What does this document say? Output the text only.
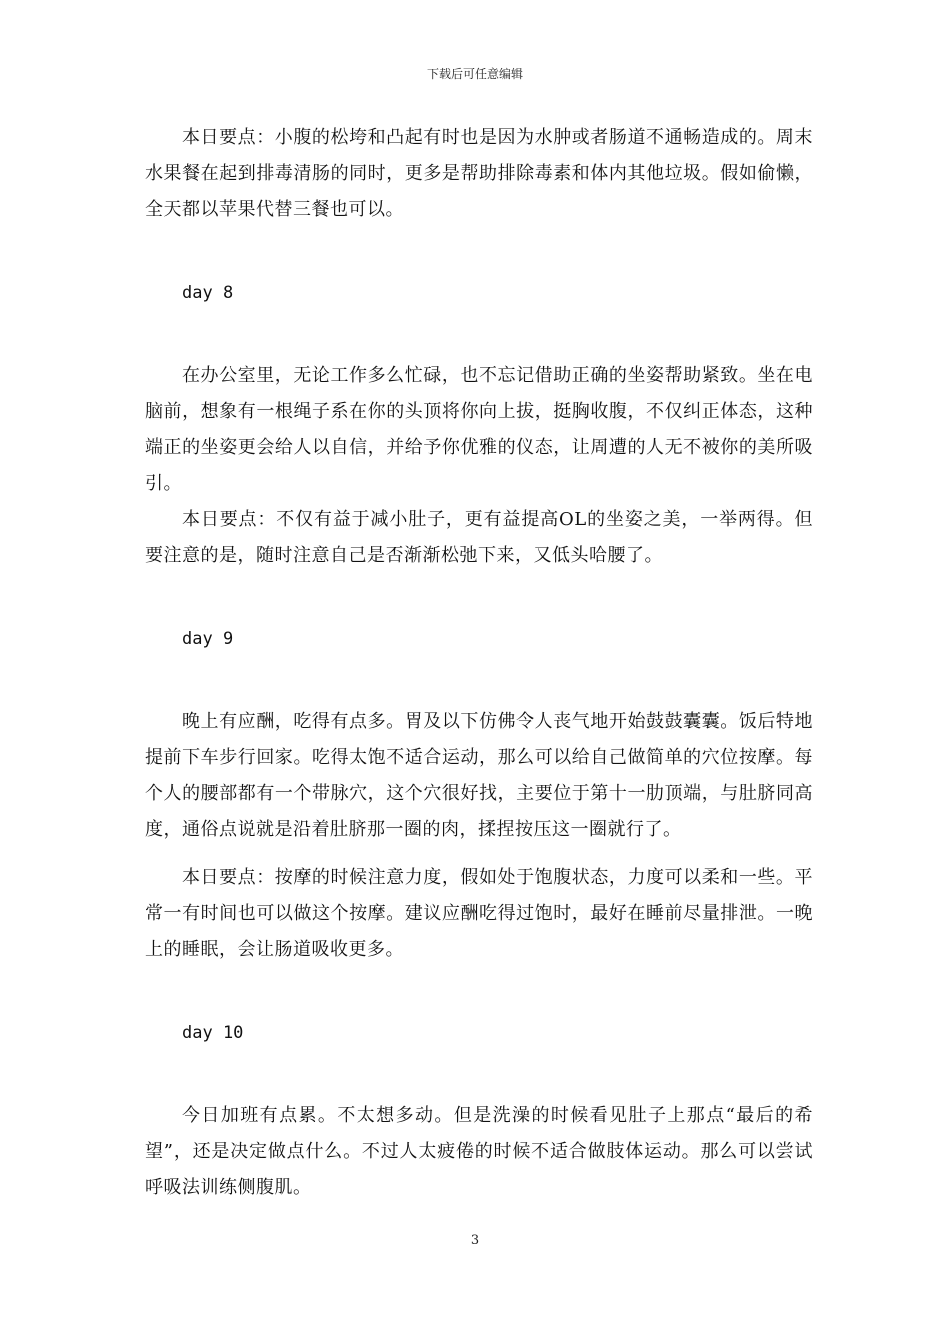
下载后可任意编辑

本日要点：小腹的松垮和凸起有时也是因为水肿或者肠道不通畅造成的。周末水果餐在起到排毒清肠的同时，更多是帮助排除毒素和体内其他垃圾。假如偷懒，全天都以苹果代替三餐也可以。

day 8

在办公室里，无论工作多么忙碌，也不忘记借助正确的坐姿帮助紧致。坐在电脑前，想象有一根绳子系在你的头顶将你向上拔，挺胸收腹，不仅纠正体态，这种端正的坐姿更会给人以自信，并给予你优雅的仪态，让周遭的人无不被你的美所吸引。

本日要点：不仅有益于减小肚子，更有益提高OL的坐姿之美，一举两得。但要注意的是，随时注意自己是否渐渐松弛下来，又低头哈腰了。

day 9

晚上有应酬，吃得有点多。胃及以下仿佛令人丧气地开始鼓鼓囊囊。饭后特地提前下车步行回家。吃得太饱不适合运动，那么可以给自己做简单的穴位按摩。每个人的腰部都有一个带脉穴，这个穴很好找，主要位于第十一肋顶端，与肚脐同高度，通俗点说就是沿着肚脐那一圈的肉，揉捏按压这一圈就行了。

本日要点：按摩的时候注意力度，假如处于饱腹状态，力度可以柔和一些。平常一有时间也可以做这个按摩。建议应酬吃得过饱时，最好在睡前尽量排泄。一晚上的睡眠，会让肠道吸收更多。

day 10

今日加班有点累。不太想多动。但是洗澡的时候看见肚子上那点“最后的希望”，还是决定做点什么。不过人太疲倦的时候不适合做肢体运动。那么可以尝试呼吸法训练侧腹肌。

3
